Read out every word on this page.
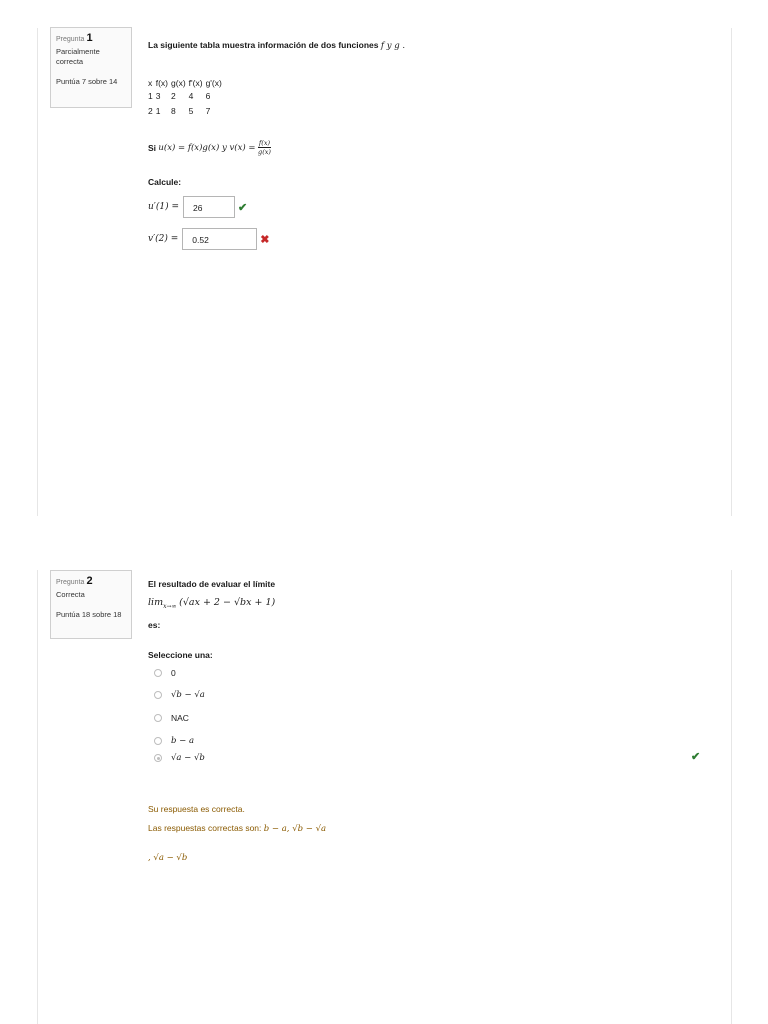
Pregunta 1
Parcialmente correcta
Puntúa 7 sobre 14
La siguiente tabla muestra información de dos funciones f y g .
x	f(x)	g(x)	f'(x)	g'(x)
1	3	2	4	6
2	1	8	5	7
Si
u(x) = f(x)g(x) y v(x) =
$\frac{f(x)}{g(x)}$
Calcule:
u′(1) =	26	✔
v′(2) =	0.52	✖
Pregunta 2
Correcta
Puntúa 18 sobre 18
El resultado de evaluar el límite
$\lim_{x\to\infty} (√ax + 2 - √bx + 1)$
es:
Seleccione una:
0
√b − √a
NAC
b − a
√a − √b	✔
Su respuesta es correcta.
Las respuestas correctas son: b − a, √b − √a
, √a − √b
